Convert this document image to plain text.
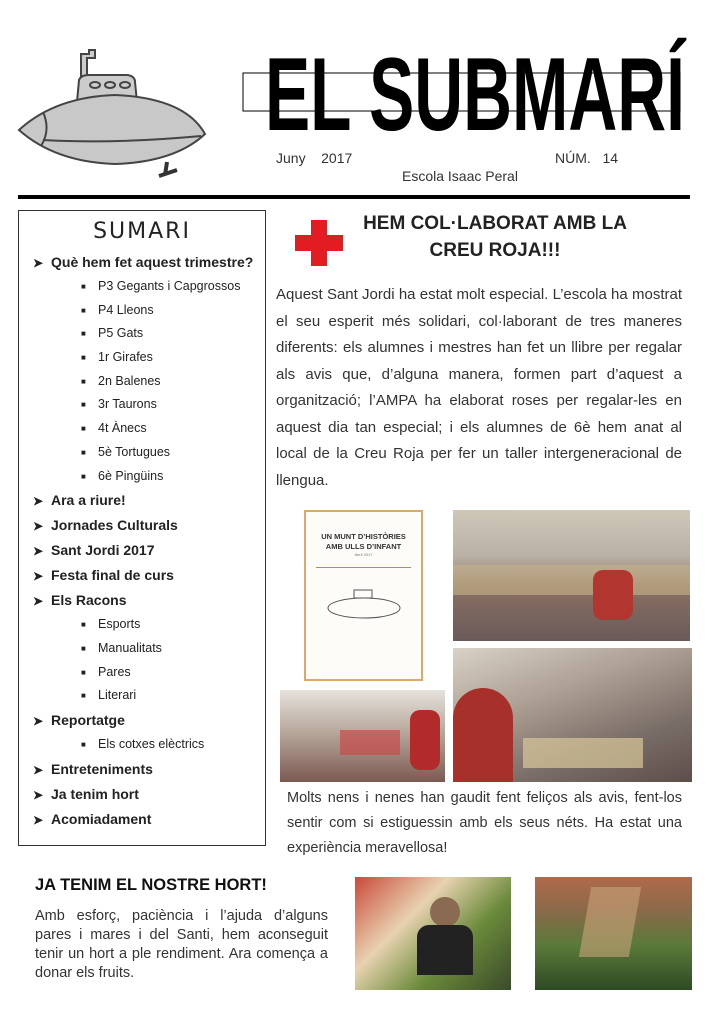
EL SUBMARÍ
Juny 2017	NÚM. 14
Escola Isaac Peral
SUMARI
➤ Què hem fet aquest trimestre?
■ P3 Gegants i Capgrossos
■ P4 Lleons
■ P5 Gats
■ 1r Girafes
■ 2n Balenes
■ 3r Taurons
■ 4t Ànecs
■ 5è Tortugues
■ 6è Pingüins
➤ Ara a riure!
➤ Jornades Culturals
➤ Sant Jordi 2017
➤ Festa final de curs
➤ Els Racons
■ Esports
■ Manualitats
■ Pares
■ Literari
➤ Reportatge
■ Els cotxes elèctrics
➤ Entreteniments
➤ Ja tenim hort
➤ Acomiadament
HEM COL·LABORAT AMB LA
CREU ROJA!!!
Aquest Sant Jordi ha estat molt especial. L’escola ha mostrat el seu esperit més solidari, col·laborant de tres maneres diferents: els alumnes i mestres han fet un llibre per regalar als avis que, d’alguna manera, formen part d’aquest a organització; l’AMPA ha elaborat roses per regalar-les en aquest dia tan especial; i els alumnes de 6è hem anat al local de la Creu Roja per fer un taller intergeneracional de llengua.
UN MUNT D’HISTÒRIES
AMB ULLS D’INFANT
Abril 2017
Molts nens i nenes han gaudit fent feliços als avis, fent-los sentir com si estiguessin amb els seus néts. Ha estat una experiència meravellosa!
JA TENIM EL NOSTRE HORT!
Amb esforç, paciència i l’ajuda d’alguns pares i mares i del Santi, hem aconseguit tenir un hort a ple rendiment. Ara comença a donar els fruits.
